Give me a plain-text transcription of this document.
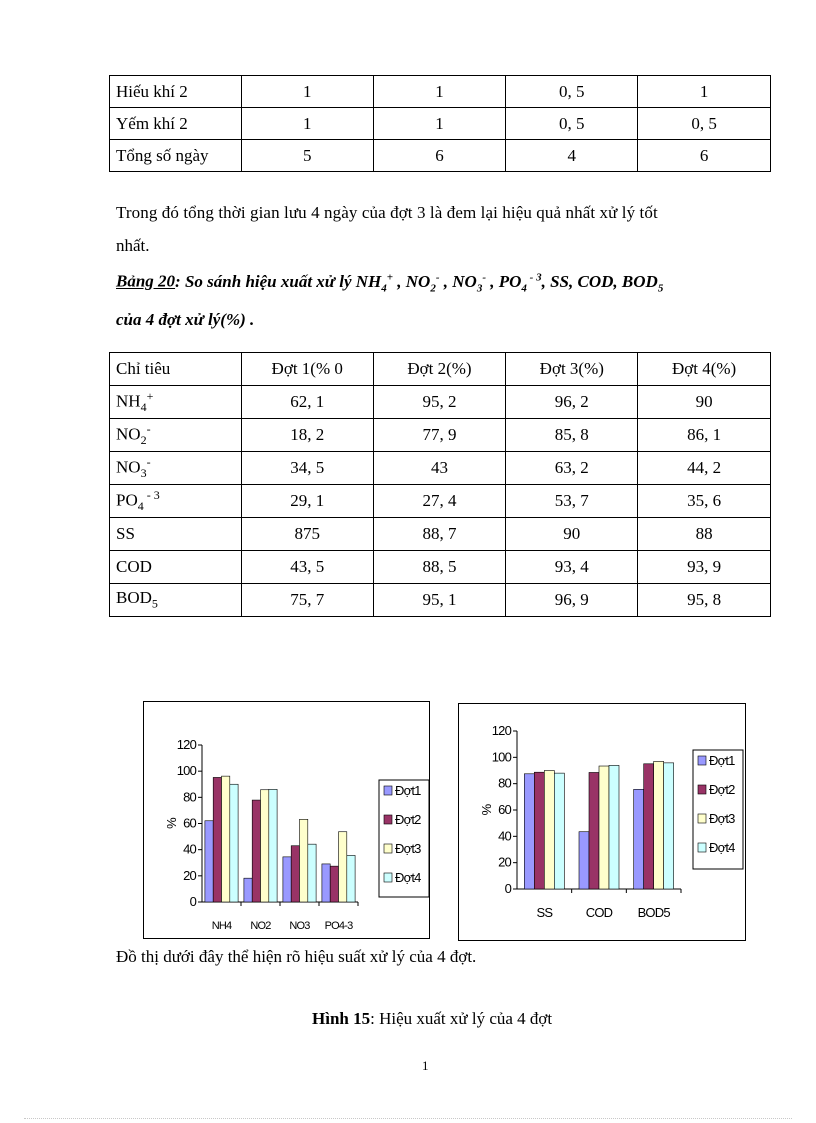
Hiếu khí 2	1	1	0, 5	1
Yếm khí 2	1	1	0, 5	0, 5
Tổng số ngày	5	6	4	6
Trong đó tổng thời gian lưu 4 ngày của đợt 3 là đem lại hiệu quả nhất xử lý tốt
nhất.
Bảng 20: So sánh hiệu xuất xử lý $NH_4^+$ , $NO_2^-$ , $NO_3^-$ , $PO_4$ $^{- 3}$, SS, COD, $BOD_5$
của 4 đợt xử lý(%) .
Chỉ tiêu	Đợt 1(% 0	Đợt 2(%)	Đợt 3(%)	Đợt 4(%)
$NH_4^+$	62, 1	95, 2	96, 2	90
$NO_2^-$	18, 2	77, 9	85, 8	86, 1
$NO_3^-$	34, 5	43	63, 2	44, 2
$PO_4$ $^{- 3}$	29, 1	27, 4	53, 7	35, 6
SS	875	88, 7	90	88
COD	43, 5	88, 5	93, 4	93, 9
$BOD_5$	75, 7	95, 1	96, 9	95, 8
0
20
40
60
80
100
120
%
NH4 NO2 NO3 PO4-3
Đợt1
Đợt2
Đợt3
Đợt4
0
20
40
60
80
100
120
%
SS	COD BOD5
Đợt1
Đợt2
Đợt3
Đợt4
Đồ thị dưới đây thể hiện rõ hiệu suất xử lý của 4 đợt.
Hình 15: Hiệu xuất xử lý của 4 đợt
1
